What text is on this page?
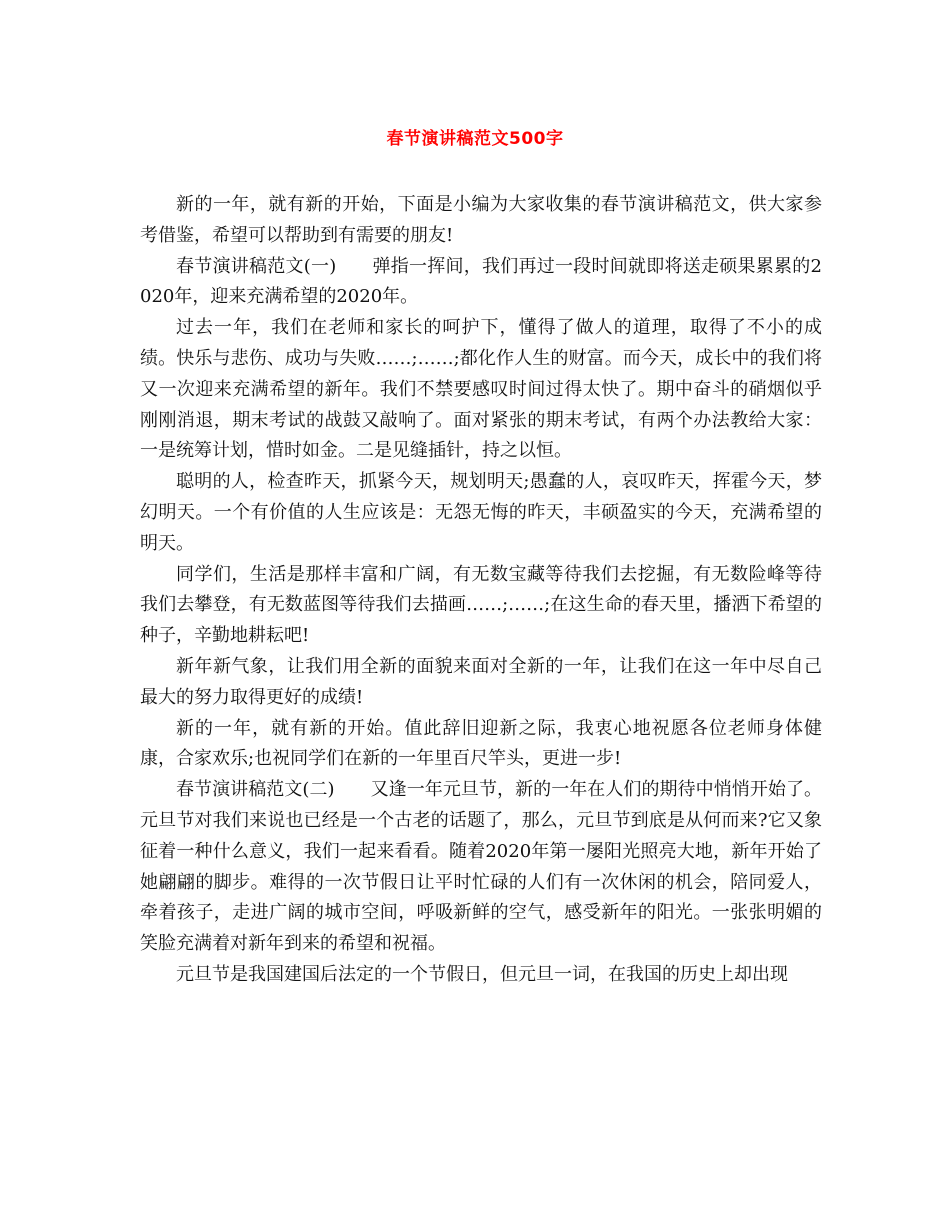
春节演讲稿范文500字

新的一年，就有新的开始，下面是小编为大家收集的春节演讲稿范文，供大家参考借鉴，希望可以帮助到有需要的朋友!

春节演讲稿范文(一) 弹指一挥间，我们再过一段时间就即将送走硕果累累的2020年，迎来充满希望的2020年。

过去一年，我们在老师和家长的呵护下，懂得了做人的道理，取得了不小的成绩。快乐与悲伤、成功与失败……;……;都化作人生的财富。而今天，成长中的我们将又一次迎来充满希望的新年。我们不禁要感叹时间过得太快了。期中奋斗的硝烟似乎刚刚消退，期末考试的战鼓又敲响了。面对紧张的期末考试，有两个办法教给大家：一是统筹计划，惜时如金。二是见缝插针，持之以恒。

聪明的人，检查昨天，抓紧今天，规划明天;愚蠢的人，哀叹昨天，挥霍今天，梦幻明天。一个有价值的人生应该是：无怨无悔的昨天，丰硕盈实的今天，充满希望的明天。

同学们，生活是那样丰富和广阔，有无数宝藏等待我们去挖掘，有无数险峰等待我们去攀登，有无数蓝图等待我们去描画……;……;在这生命的春天里，播洒下希望的种子，辛勤地耕耘吧!

新年新气象，让我们用全新的面貌来面对全新的一年，让我们在这一年中尽自己最大的努力取得更好的成绩!

新的一年，就有新的开始。值此辞旧迎新之际，我衷心地祝愿各位老师身体健康，合家欢乐;也祝同学们在新的一年里百尺竿头，更进一步!

春节演讲稿范文(二) 又逢一年元旦节，新的一年在人们的期待中悄悄开始了。元旦节对我们来说也已经是一个古老的话题了，那么，元旦节到底是从何而来?它又象征着一种什么意义，我们一起来看看。随着2020年第一屡阳光照亮大地，新年开始了她翩翩的脚步。难得的一次节假日让平时忙碌的人们有一次休闲的机会，陪同爱人，牵着孩子，走进广阔的城市空间，呼吸新鲜的空气，感受新年的阳光。一张张明媚的笑脸充满着对新年到来的希望和祝福。

元旦节是我国建国后法定的一个节假日，但元旦一词，在我国的历史上却出现
